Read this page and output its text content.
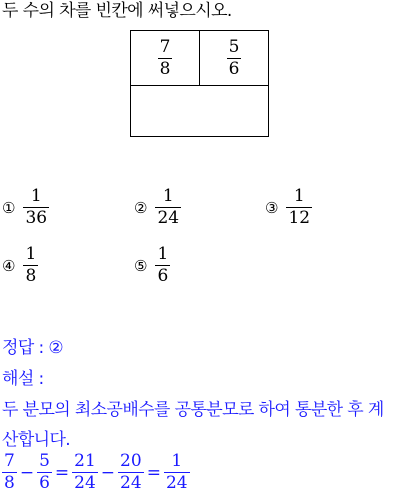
두 수의 차를 빈칸에 써넣으시오.
$\frac{7}{8}$	$\frac{5}{6}$
① $\frac{1}{36}$	② $\frac{1}{24}$	③ $\frac{1}{12}$
④ $\frac{1}{8}$	⑤ $\frac{1}{6}$
정답 : ②
해설 :
두 분모의 최소공배수를 공통분모로 하여 통분한 후 계
산합니다.
$\frac{7}{8} - \frac{5}{6} = \frac{21}{24} - \frac{20}{24} = \frac{1}{24}$
